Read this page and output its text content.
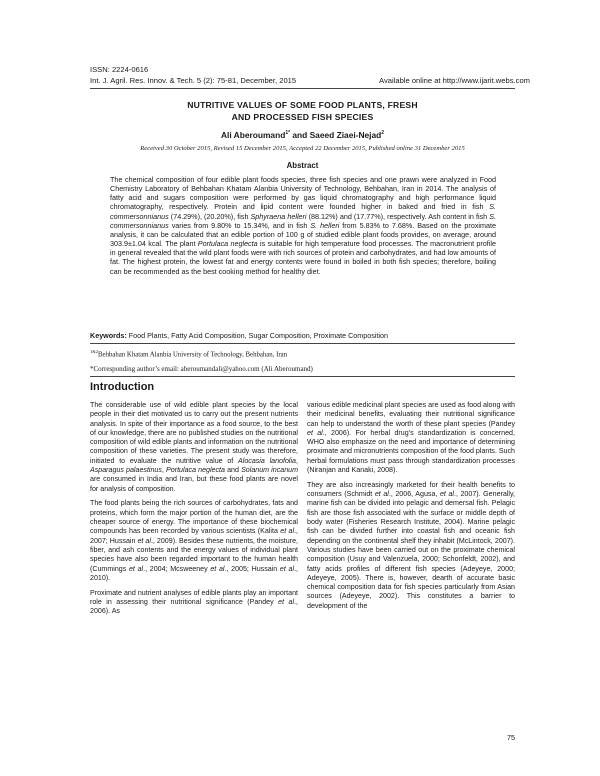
ISSN: 2224-0616
Int. J. Agril. Res. Innov. & Tech. 5 (2): 75-81, December, 2015	Available online at http://www.ijarit.webs.com
NUTRITIVE VALUES OF SOME FOOD PLANTS, FRESH
AND PROCESSED FISH SPECIES
Ali Aberoumand$^{1*}$ and Saeed Ziaei-Nejad$^2$
Received 30 October 2015, Revised 15 December 2015, Accepted 22 December 2015, Published online 31 December 2015
Abstract

The chemical composition of four edible plant foods species, three fish species and one prawn were analyzed in Food Chemistry Laboratory of Behbahan Khatam Alanbia University of Technology, Behbahan, Iran in 2014. The analysis of fatty acid and sugars composition were performed by gas liquid chromatography and high performance liquid chromatography, respectively. Protein and lipid content were founded higher in baked and fried in fish S. commersonnianus (74.29%), (20.20%), fish Sphyraena helleri (88.12%) and (17.77%), respectively. Ash content in fish S. commersonnianus varies from 9.80% to 15.34%, and in fish S. helleri from 5.83% to 7.68%. Based on the proximate analysis, it can be calculated that an edible portion of 100 g of studied edible plant foods provides, on average, around 303.9±1.04 kcal. The plant Portulaca neglecta is suitable for high temperature food processes. The macronutrient profile in general revealed that the wild plant foods were with rich sources of protein and carbohydrates, and had low amounts of fat. The highest protein, the lowest fat and energy contents were found in boiled in both fish species; therefore, boiling can be recommended as the best cooking method for healthy diet.

Keywords: Food Plants, Fatty Acid Composition, Sugar Composition, Proximate Composition
$^{1\&2}$Behbahan Khatam Alanbia University of Technology, Behbahan, Iran
*Corresponding author’s email: aberoumandali@yahoo.com (Ali Aberoumand)
Introduction

The considerable use of wild edible plant species by the local people in their diet motivated us to carry out the present nutrients analysis. In spite of their importance as a food source, to the best of our knowledge, there are no published studies on the nutritional composition of wild edible plants and information on the nutritional composition of these varieties. The present study was therefore, initiated to evaluate the nutritive value of Alocasia lanofolia, Asparagus palaestinus, Portulaca neglecta and Solanum incanum are consumed in India and Iran, but these food plants are novel for analysis of composition.

The food plants being the rich sources of carbohydrates, fats and proteins, which form the major portion of the human diet, are the cheaper source of energy. The importance of these biochemical compounds has been recorded by various scientists (Kalita et al., 2007; Hussain et al., 2009). Besides these nutrients, the moisture, fiber, and ash contents and the energy values of individual plant species have also been regarded important to the human health (Cummings et al., 2004; Mcsweeney et al., 2005; Hussain et al., 2010).

Proximate and nutrient analyses of edible plants play an important role in assessing their nutritional significance (Pandey et al., 2006). As

various edible medicinal plant species are used as food along with their medicinal benefits, evaluating their nutritional significance can help to understand the worth of these plant species (Pandey et al., 2006). For herbal drug’s standardization is concerned, WHO also emphasize on the need and importance of determining proximate and micronutrients composition of the food plants. Such herbal formulations must pass through standardization processes (Niranjan and Kanaki, 2008).

They are also increasingly marketed for their health benefits to consumers (Schmidt et al., 2006, Agusa, et al., 2007). Generally, marine fish can be divided into pelagic and demersal fish. Pelagic fish are those fish associated with the surface or middle depth of body water (Fisheries Research Institute, 2004). Marine pelagic fish can be divided further into coastal fish and oceanic fish depending on the continental shelf they inhabit (McLintock, 2007). Various studies have been carried out on the proximate chemical composition (Usuy and Valenzuela, 2000; Schonfeldt, 2002), and fatty acids profiles of different fish species (Adeyeye, 2000; Adeyeye, 2005). There is, however, dearth of accurate basic chemical composition data for fish species particularly from Asian sources (Adeyeye, 2002). This constitutes a barrier to development of the

75
